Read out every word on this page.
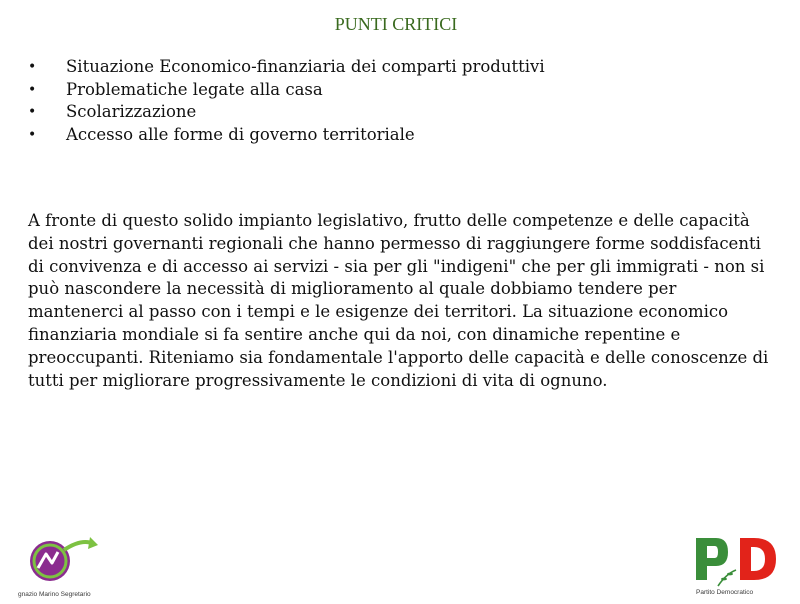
PUNTI CRITICI
• Situazione Economico-finanziaria dei comparti produttivi
• Problematiche legate alla casa
• Scolarizzazione
• Accesso alle forme di governo territoriale

A fronte di questo solido impianto legislativo, frutto delle competenze e delle capacità dei nostri governanti regionali che hanno permesso di raggiungere forme soddisfacenti di convivenza e di accesso ai servizi - sia per gli "indigeni" che per gli immigrati - non si può nascondere la necessità di miglioramento al quale dobbiamo tendere per mantenerci al passo con i tempi e le esigenze dei territori. La situazione economico finanziaria mondiale si fa sentire anche qui da noi, con dinamiche repentine e preoccupanti. Riteniamo sia fondamentale l'apporto delle capacità e delle conoscenze di tutti per migliorare progressivamente le condizioni di vita di ognuno.

gnazio Marino Segretario	Partito Democratico
